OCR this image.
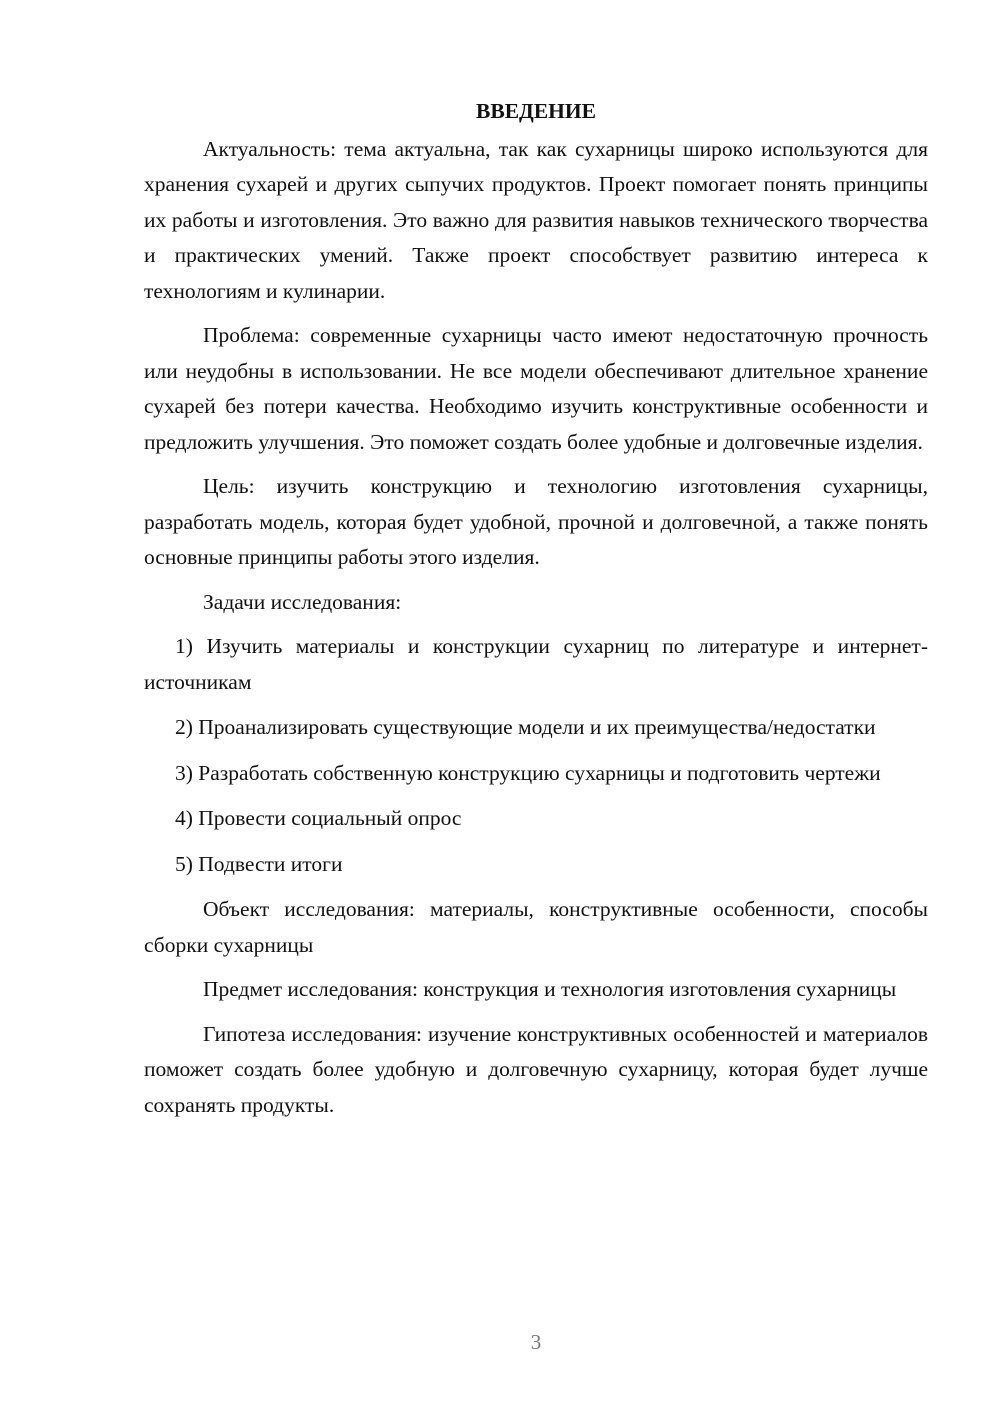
ВВЕДЕНИЕ

Актуальность: тема актуальна, так как сухарницы широко используются для хранения сухарей и других сыпучих продуктов. Проект помогает понять принципы их работы и изготовления. Это важно для развития навыков технического творчества и практических умений. Также проект способствует развитию интереса к технологиям и кулинарии.

Проблема: современные сухарницы часто имеют недостаточную прочность или неудобны в использовании. Не все модели обеспечивают длительное хранение сухарей без потери качества. Необходимо изучить конструктивные особенности и предложить улучшения. Это поможет создать более удобные и долговечные изделия.

Цель: изучить конструкцию и технологию изготовления сухарницы, разработать модель, которая будет удобной, прочной и долговечной, а также понять основные принципы работы этого изделия.

Задачи исследования:

1) Изучить материалы и конструкции сухарниц по литературе и интернет-источникам

2) Проанализировать существующие модели и их преимущества/недостатки

3) Разработать собственную конструкцию сухарницы и подготовить чертежи

4) Провести социальный опрос

5) Подвести итоги

Объект исследования: материалы, конструктивные особенности, способы сборки сухарницы

Предмет исследования: конструкция и технология изготовления сухарницы

Гипотеза исследования: изучение конструктивных особенностей и материалов поможет создать более удобную и долговечную сухарницу, которая будет лучше сохранять продукты.

3
